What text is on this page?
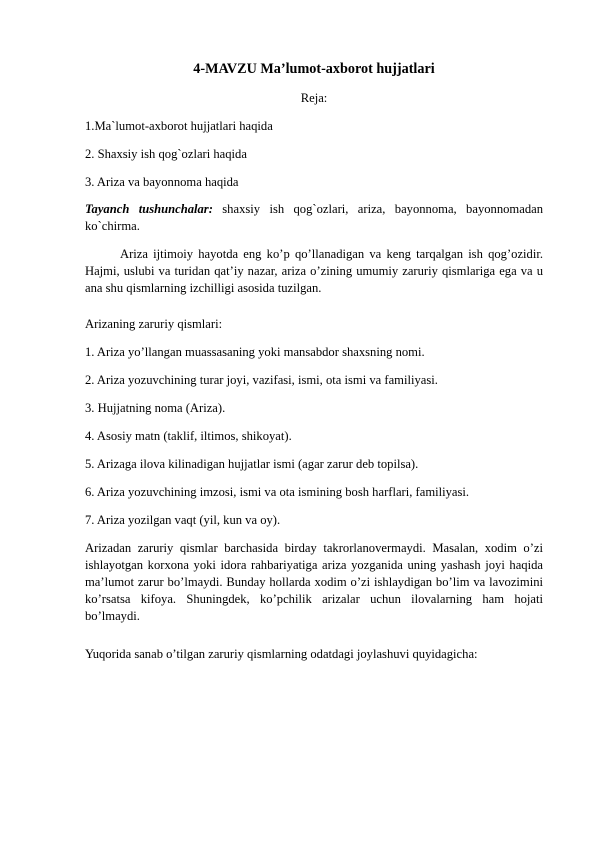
4-MAVZU Ma’lumot-axborot hujjatlari
Reja:
1.Ma`lumot-axborot hujjatlari haqida
2. Shaxsiy ish qog`ozlari haqida
3. Ariza va bayonnoma haqida
Tayanch tushunchalar: shaxsiy ish qog`ozlari, ariza, bayonnoma, bayonnomadan ko`chirma.
Ariza ijtimoiy hayotda eng ko’p qo’llanadigan va keng tarqalgan ish qog’ozidir. Hajmi, uslubi va turidan qat’iy nazar, ariza o’zining umumiy zaruriy qismlariga ega va u ana shu qismlarning izchilligi asosida tuzilgan.
Arizaning zaruriy qismlari:
1. Ariza yo’llangan muassasaning yoki mansabdor shaxsning nomi.
2. Ariza yozuvchining turar joyi, vazifasi, ismi, ota ismi va familiyasi.
3. Hujjatning noma (Ariza).
4. Asosiy matn (taklif, iltimos, shikoyat).
5. Arizaga ilova kilinadigan hujjatlar ismi (agar zarur deb topilsa).
6. Ariza yozuvchining imzosi, ismi va ota ismining bosh harflari, familiyasi.
7. Ariza yozilgan vaqt (yil, kun va oy).
Arizadan zaruriy qismlar barchasida birday takrorlanovermaydi. Masalan, xodim o’zi ishlayotgan korxona yoki idora rahbariyatiga ariza yozganida uning yashash joyi haqida ma’lumot zarur bo’lmaydi. Bunday hollarda xodim o’zi ishlaydigan bo’lim va lavozimini ko’rsatsa kifoya. Shuningdek, ko’pchilik arizalar uchun ilovalarning ham hojati bo’lmaydi.
Yuqorida sanab o’tilgan zaruriy qismlarning odatdagi joylashuvi quyidagicha:
